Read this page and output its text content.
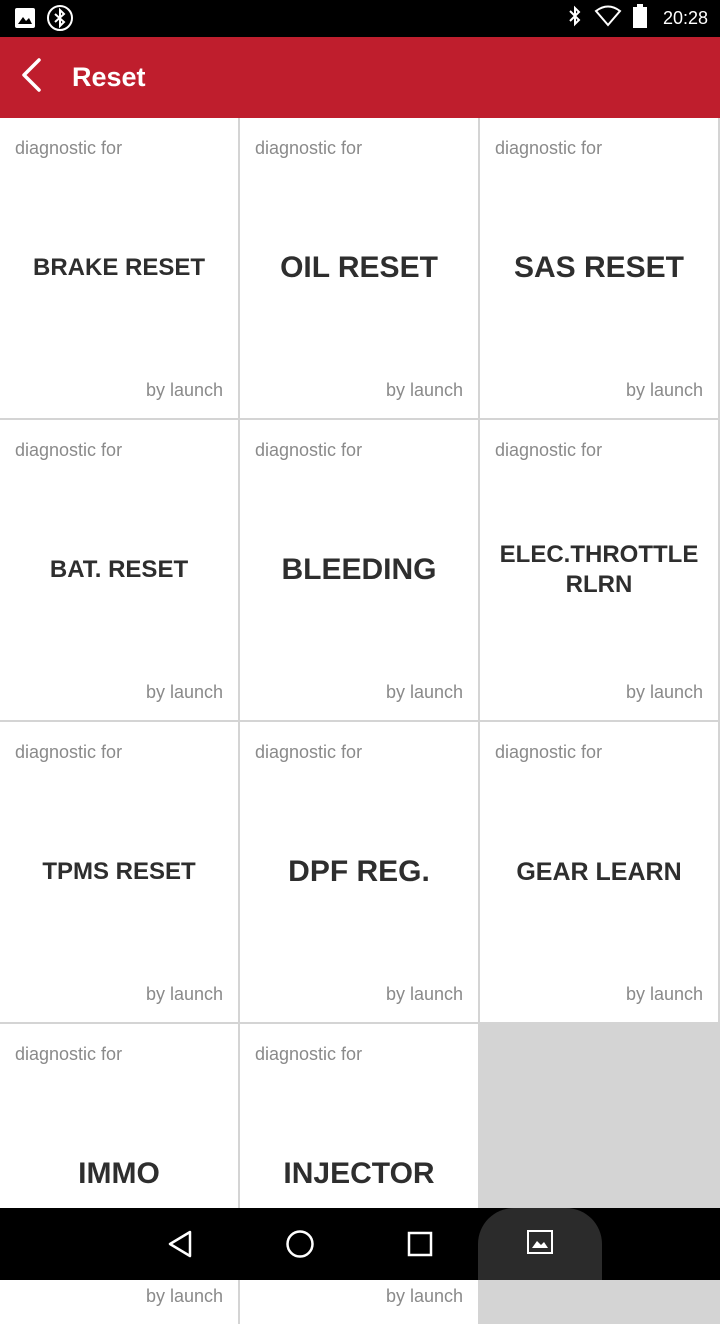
20:28
Reset
diagnostic for
BRAKE RESET
by launch
diagnostic for
OIL RESET
by launch
diagnostic for
SAS RESET
by launch
diagnostic for
BAT. RESET
by launch
diagnostic for
BLEEDING
by launch
diagnostic for
ELEC.THROTTLE RLRN
by launch
diagnostic for
TPMS RESET
by launch
diagnostic for
DPF REG.
by launch
diagnostic for
GEAR LEARN
by launch
diagnostic for
IMMO
by launch
diagnostic for
INJECTOR
by launch
